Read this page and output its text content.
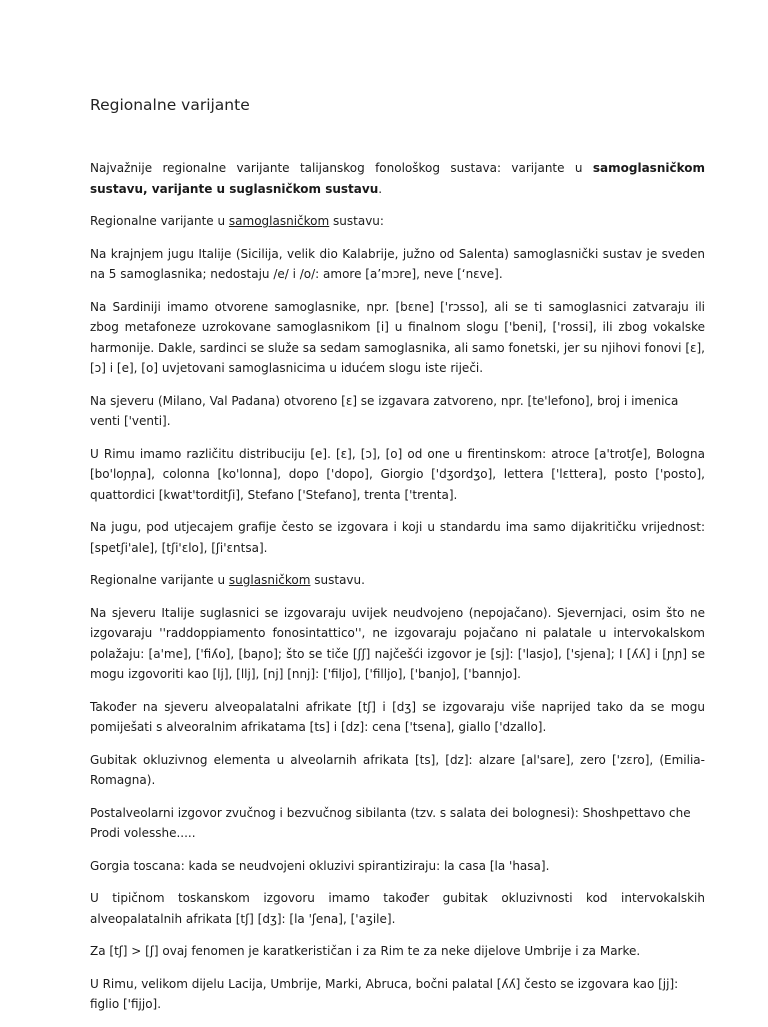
Regionalne varijante

Najvažnije regionalne varijante talijanskog fonološkog sustava: varijante u samoglasničkom sustavu, varijante u suglasničkom sustavu.

Regionalne varijante u samoglasničkom sustavu:

Na krajnjem jugu Italije (Sicilija, velik dio Kalabrije, južno od Salenta) samoglasnički sustav je sveden na 5 samoglasnika; nedostaju /e/ i /o/: amore [a’mɔre], neve [‘nɛve].

Na Sardiniji imamo otvorene samoglasnike, npr. [bɛne] ['rɔsso], ali se ti samoglasnici zatvaraju ili zbog metafoneze uzrokovane samoglasnikom [i] u finalnom slogu ['beni], ['rossi], ili zbog vokalske harmonije. Dakle, sardinci se služe sa sedam samoglasnika, ali samo fonetski, jer su njihovi fonovi [ɛ], [ɔ] i [e], [o] uvjetovani samoglasnicima u idućem slogu iste riječi.

Na sjeveru (Milano, Val Padana) otvoreno [ɛ] se izgavara zatvoreno, npr. [te'lefono], broj i imenica venti ['venti].

U Rimu imamo različitu distribuciju [e]. [ɛ], [ɔ], [o] od one u firentinskom: atroce [a'trotʃe], Bologna [bo'loɲɲa], colonna [ko'lonna], dopo ['dopo], Giorgio ['dʒordʒo], lettera ['lɛttera], posto ['posto], quattordici [kwat'torditʃi], Stefano ['Stefano], trenta ['trenta].

Na jugu, pod utjecajem grafije često se izgovara i koji u standardu ima samo dijakritičku vrijednost: [spetʃi'ale], [tʃi'ɛlo], [ʃi'ɛntsa].

Regionalne varijante u suglasničkom sustavu.

Na sjeveru Italije suglasnici se izgovaraju uvijek neudvojeno (nepojačano). Sjevernjaci, osim što ne izgovaraju ''raddoppiamento fonosintattico'', ne izgovaraju pojačano ni palatale u intervokalskom polažaju: [a'me], ['fiʎo], [baɲo]; što se tiče [ʃʃ] najčešći izgovor je [sj]: ['lasjo], ['sjena]; I [ʎʎ] i [ɲɲ] se mogu izgovoriti kao [lj], [llj], [nj] [nnj]: ['filjo], ['filljo], ['banjo], ['bannjo].

Također na sjeveru alveopalatalni afrikate [tʃ] i [dʒ] se izgovaraju više naprijed tako da se mogu pomiješati s alveoralnim afrikatama [ts] i [dz]: cena ['tsena], giallo ['dzallo].

Gubitak okluzivnog elementa u alveolarnih afrikata [ts], [dz]: alzare [al'sare], zero ['zɛro], (Emilia-Romagna).

Postalveolarni izgovor zvučnog i bezvučnog sibilanta (tzv. s salata dei bolognesi): Shoshpettavo che Prodi volesshe.....

Gorgia toscana: kada se neudvojeni okluzivi spirantiziraju: la casa [la 'hasa].

U tipičnom toskanskom izgovoru imamo također gubitak okluzivnosti kod intervokalskih alveopalatalnih afrikata [tʃ] [dʒ]: [la 'ʃena], ['aʒile].

Za [tʃ] > [ʃ] ovaj fenomen je karatkerističan i za Rim te za neke dijelove Umbrije i za Marke.

U Rimu, velikom dijelu Lacija, Umbrije, Marki, Abruca, bočni palatal [ʎʎ] često se izgovara kao [jj]: figlio ['fijjo].
